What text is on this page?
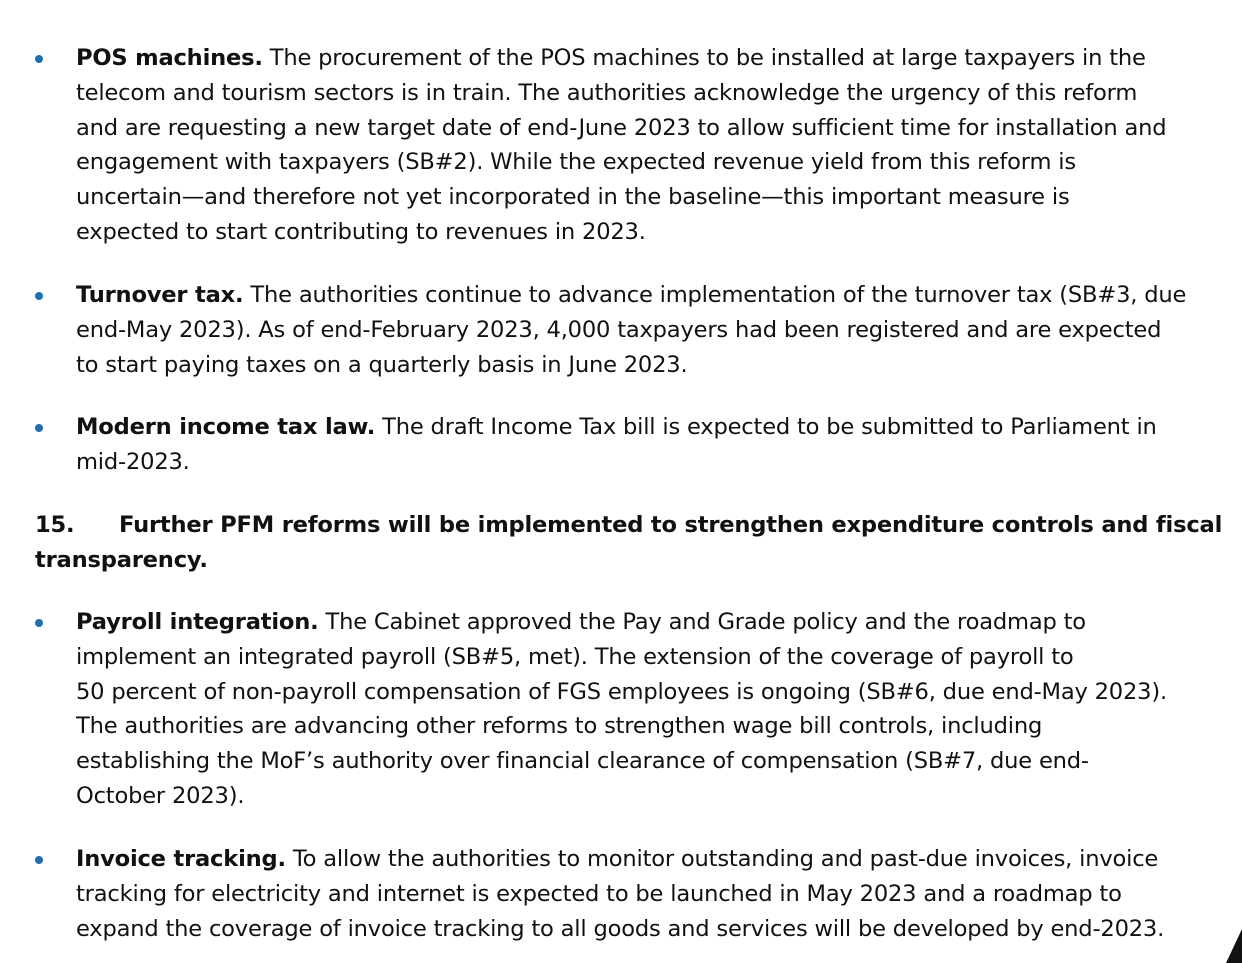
POS machines. The procurement of the POS machines to be installed at large taxpayers in the
telecom and tourism sectors is in train. The authorities acknowledge the urgency of this reform
and are requesting a new target date of end-June 2023 to allow sufficient time for installation and
engagement with taxpayers (SB#2). While the expected revenue yield from this reform is
uncertain—and therefore not yet incorporated in the baseline—this important measure is
expected to start contributing to revenues in 2023.
Turnover tax. The authorities continue to advance implementation of the turnover tax (SB#3, due
end-May 2023). As of end-February 2023, 4,000 taxpayers had been registered and are expected
to start paying taxes on a quarterly basis in June 2023.
Modern income tax law. The draft Income Tax bill is expected to be submitted to Parliament in
mid-2023.
15. Further PFM reforms will be implemented to strengthen expenditure controls and fiscal
transparency.
Payroll integration. The Cabinet approved the Pay and Grade policy and the roadmap to
implement an integrated payroll (SB#5, met). The extension of the coverage of payroll to
50 percent of non-payroll compensation of FGS employees is ongoing (SB#6, due end-May 2023).
The authorities are advancing other reforms to strengthen wage bill controls, including
establishing the MoF’s authority over financial clearance of compensation (SB#7, due end-
October 2023).
Invoice tracking. To allow the authorities to monitor outstanding and past-due invoices, invoice
tracking for electricity and internet is expected to be launched in May 2023 and a roadmap to
expand the coverage of invoice tracking to all goods and services will be developed by end-2023.
